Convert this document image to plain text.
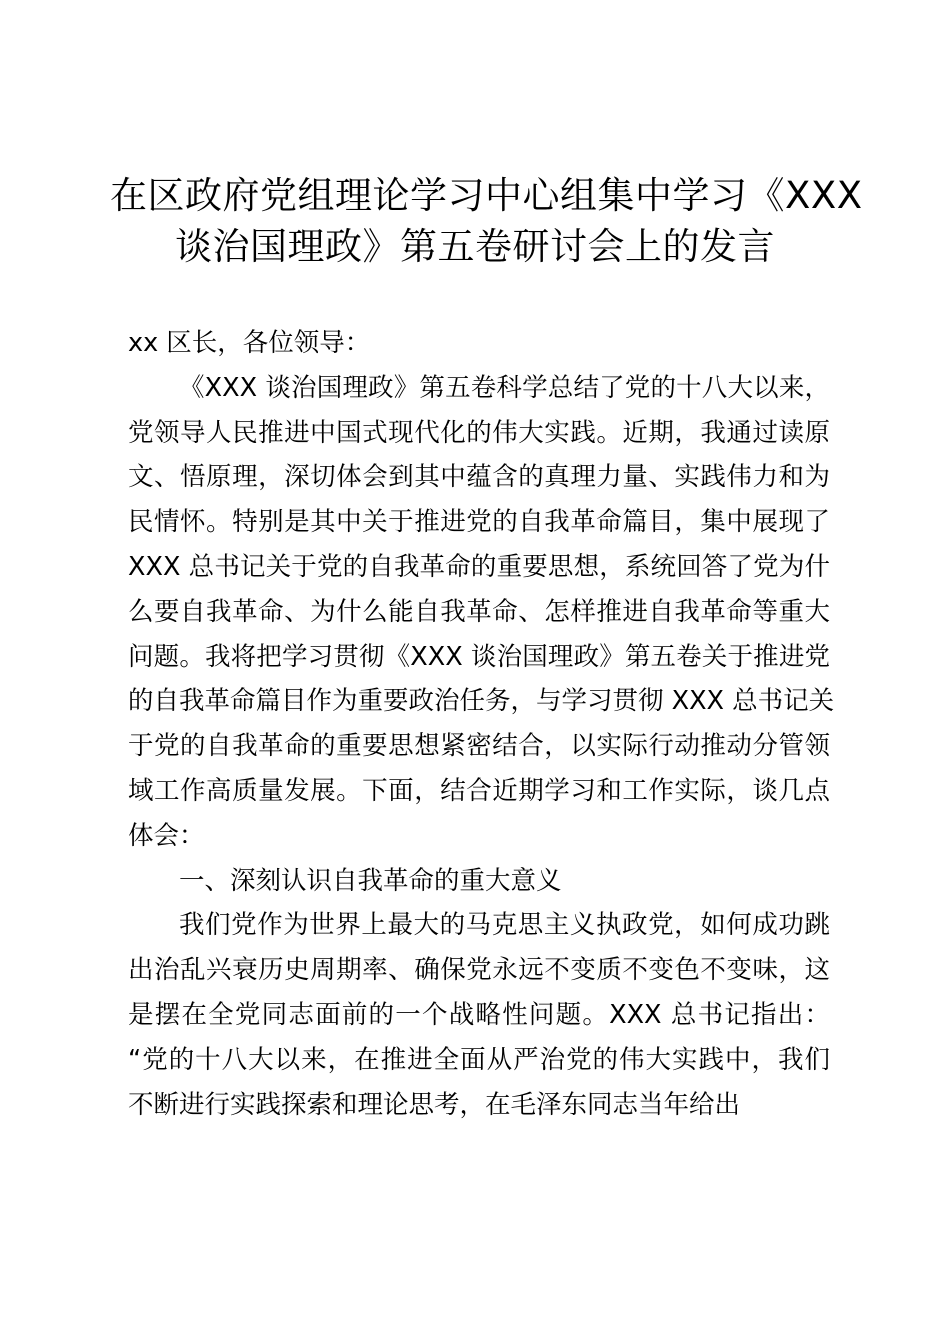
在区政府党组理论学习中心组集中学习《XXX
谈治国理政》第五卷研讨会上的发言

xx 区长，各位领导：

《XXX 谈治国理政》第五卷科学总结了党的十八大以来，
党领导人民推进中国式现代化的伟大实践。近期，我通过读原
文、悟原理，深切体会到其中蕴含的真理力量、实践伟力和为
民情怀。特别是其中关于推进党的自我革命篇目，集中展现了
XXX 总书记关于党的自我革命的重要思想，系统回答了党为什
么要自我革命、为什么能自我革命、怎样推进自我革命等重大
问题。我将把学习贯彻《XXX 谈治国理政》第五卷关于推进党
的自我革命篇目作为重要政治任务，与学习贯彻 XXX 总书记关
于党的自我革命的重要思想紧密结合，以实际行动推动分管领
域工作高质量发展。下面，结合近期学习和工作实际，谈几点
体会：

一、深刻认识自我革命的重大意义

我们党作为世界上最大的马克思主义执政党，如何成功跳
出治乱兴衰历史周期率、确保党永远不变质不变色不变味，这
是摆在全党同志面前的一个战略性问题。XXX 总书记指出：
“党的十八大以来，在推进全面从严治党的伟大实践中，我们
不断进行实践探索和理论思考，在毛泽东同志当年给出
